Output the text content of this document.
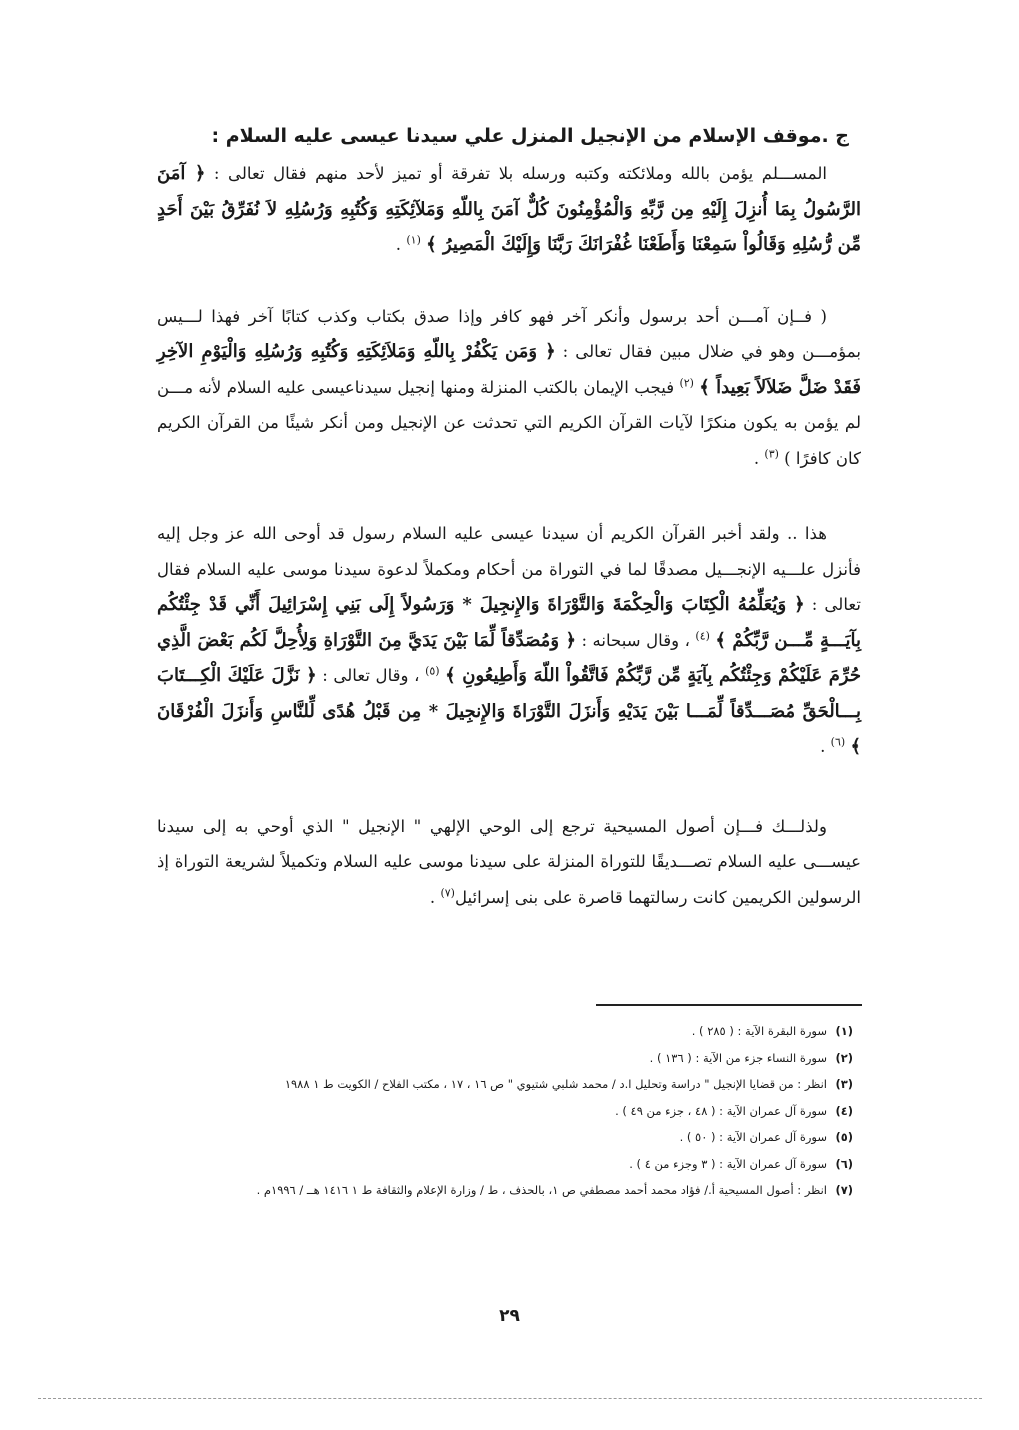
ج .موقف الإسلام من الإنجيل المنزل علي سيدنا عيسى عليه السلام :

المســـلم يؤمن بالله وملائكته وكتبه ورسله بلا تفرقة أو تميز لأحد منهم فقال تعالى : ﴿ آمَنَ الرَّسُولُ بِمَا أُنزِلَ إِلَيْهِ مِن رَّبِّهِ وَالْمُؤْمِنُونَ كُلٌّ آمَنَ بِاللّهِ وَمَلآئِكَتِهِ وَكُتُبِهِ وَرُسُلِهِ لاَ نُفَرِّقُ بَيْنَ أَحَدٍ مِّن رُّسُلِهِ وَقَالُواْ سَمِعْنَا وَأَطَعْنَا غُفْرَانَكَ رَبَّنَا وَإِلَيْكَ الْمَصِيرُ ﴾ $^{(١)}$ .

( فــإن آمـــن أحد برسول وأنكر آخر فهو كافر وإذا صدق بكتاب وكذب كتابًا آخر فهذا لـــيس بمؤمـــن وهو في ضلال مبين فقال تعالى : ﴿ وَمَن يَكْفُرْ بِاللّهِ وَمَلاَئِكَتِهِ وَكُتُبِهِ وَرُسُلِهِ وَالْيَوْمِ الآخِرِ فَقَدْ ضَلَّ ضَلاَلاً بَعِيداً ﴾ $^{(٢)}$ فيجب الإيمان بالكتب المنزلة ومنها إنجيل سيدناعيسى عليه السلام لأنه مـــن لم يؤمن به يكون منكرًا لآيات القرآن الكريم التي تحدثت عن الإنجيل ومن أنكر شيئًا من القرآن الكريم كان كافرًا ) $^{(٣)}$ .

هذا .. ولقد أخبر القرآن الكريم أن سيدنا عيسى عليه السلام رسول قد أوحى الله عز وجل إليه فأنزل علـــيه الإنجـــيل مصدقًا لما في التوراة من أحكام ومكملاً لدعوة سيدنا موسى عليه السلام فقال تعالى : ﴿ وَيُعَلِّمُهُ الْكِتَابَ وَالْحِكْمَةَ وَالتَّوْرَاةَ وَالإِنجِيلَ * وَرَسُولاً إِلَى بَنِي إِسْرَائِيلَ أَنِّي قَدْ جِئْتُكُم بِآيَـــةٍ مِّـــن رَّبِّكُمْ ﴾ $^{(٤)}$ ، وقال سبحانه : ﴿ وَمُصَدِّقاً لِّمَا بَيْنَ يَدَيَّ مِنَ التَّوْرَاةِ وَلِأُحِلَّ لَكُم بَعْضَ الَّذِي حُرِّمَ عَلَيْكُمْ وَجِئْتُكُم بِآيَةٍ مِّن رَّبِّكُمْ فَاتَّقُواْ اللّهَ وَأَطِيعُونِ ﴾ $^{(٥)}$ ، وقال تعالى : ﴿ نَزَّلَ عَلَيْكَ الْكِـــتَابَ بِـــالْحَقِّ مُصَـــدِّقاً لِّمَـــا بَيْنَ يَدَيْهِ وَأَنزَلَ التَّوْرَاةَ وَالإِنجِيلَ * مِن قَبْلُ هُدًى لِّلنَّاسِ وَأَنزَلَ الْفُرْقَانَ ﴾ $^{(٦)}$ .

ولذلـــك فـــإن أصول المسيحية ترجع إلى الوحي الإلهي " الإنجيل " الذي أوحي به إلى سيدنا عيســـى عليه السلام تصـــديقًا للتوراة المنزلة على سيدنا موسى عليه السلام وتكميلاً لشريعة التوراة إذ الرسولين الكريمين كانت رسالتهما قاصرة على بنى إسرائيل$^{(٧)}$ .

(١)سورة البقرة الآية : ( ٢٨٥ ) .
(٢)سورة النساء جزء من الآية : ( ١٣٦ ) .
(٣)انظر : من قضايا الإنجيل " دراسة وتحليل ا.د / محمد شلبي شتيوي " ص ١٦ ، ١٧ ، مكتب الفلاح / الكويت ط ١ ١٩٨٨
(٤)سورة آل عمران الآية : ( ٤٨ ، جزء من ٤٩ ) .
(٥)سورة آل عمران الآية : ( ٥٠ ) .
(٦)سورة آل عمران الآية : ( ٣ وجزء من ٤ ) .
(٧)انظر : أصول المسيحية أ./ فؤاد محمد أحمد مصطفي ص ١، بالحذف ، ط / وزارة الإعلام والثقافة ط ١ ١٤١٦ هــ / ١٩٩٦م .
٢٩
